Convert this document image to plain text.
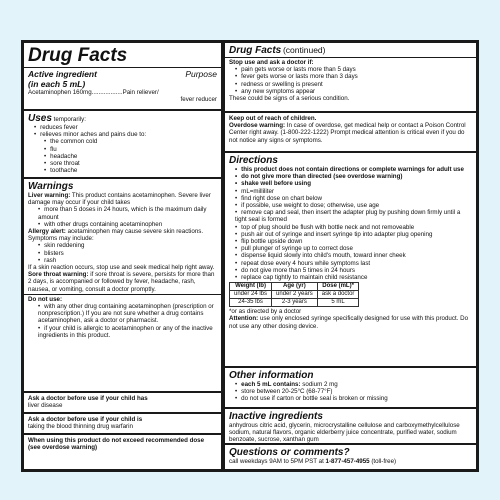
Drug Facts
Active ingredient	Purpose
(in each 5 mL)
Acetaminophen 160mg..................Pain reliever/
fever reducer
Uses temporarily:
• reduces fever
• relieves minor aches and pains due to:
• the common cold
• flu
• headache
• sore throat
• toothache
Warnings
Liver warning: This product contains acetaminophen. Severe liver damage may occur if your child takes
• more than 5 doses in 24 hours, which is the maximum daily amount
• with other drugs containing acetaminophen
Allergy alert: acetaminophen may cause severe skin reactions. Symptoms may include:
• skin reddening
• blisters
• rash
If a skin reaction occurs, stop use and seek medical help right away.
Sore throat warning: if sore throat is severe, persists for more than 2 days, is accompanied or followed by fever, headache, rash, nausea, or vomiting, consult a doctor promptly.
Do not use:
• with any other drug containing acetaminophen (prescription or nonprescription.) If you are not sure whether a drug contains acetaminophen, ask a doctor or pharmacist.
• if your child is allergic to acetaminophen or any of the inactive ingredients in this product.
Ask a doctor before use if your child has
liver disease
Ask a doctor before use if your child is
taking the blood thinning drug warfarin
When using this product do not exceed recommended dose (see overdose warning)
Drug Facts (continued)
Stop use and ask a doctor if:
• pain gets worse or lasts more than 5 days
• fever gets worse or lasts more than 3 days
• redness or swelling is present
• any new symptoms appear
These could be signs of a serious condition.
Keep out of reach of children.
Overdose warning: In case of overdose, get medical help or contact a Poison Control Center right away. (1-800-222-1222) Prompt medical attention is critical even if you do not notice any signs or symptoms.
Directions
• this product does not contain directions or complete warnings for adult use
• do not give more than directed (see overdose warning)
• shake well before using
• mL=milliliter
• find right dose on chart below
• if possible, use weight to dose; otherwise, use age
• remove cap and seal, then insert the adapter plug by pushing down firmly until a tight seal is formed
• top of plug should be flush with bottle neck and not removeable
• push air out of syringe and insert syringe tip into adapter plug opening
• flip bottle upside down
• pull plunger of syringe up to correct dose
• dispense liquid slowly into child's mouth, toward inner cheek
• repeat dose every 4 hours while symptoms last
• do not give more than 5 times in 24 hours
• replace cap tightly to maintain child resistance
Weight (lb)	Age (yr)	Dose (mL)*
under 24 lbs	under 2 years	ask a doctor
24-35 lbs	2-3 years	5 mL
*or as directed by a doctor
Attention: use only enclosed syringe specifically designed for use with this product. Do not use any other dosing device.
Other information
• each 5 mL contains: sodium 2 mg
• store between 20-25°C (68-77°F)
• do not use if carton or bottle seal is broken or missing
Inactive ingredients
anhydrous citric acid, glycerin, microcrystalline cellulose and carboxymethylcellulose sodium, natural flavors, organic elderberry juice concentrate, purified water, sodium benzoate, sucrose, xanthan gum
Questions or comments?
call weekdays 9AM to 5PM PST at 1-877-457-4955 (toll-free)
